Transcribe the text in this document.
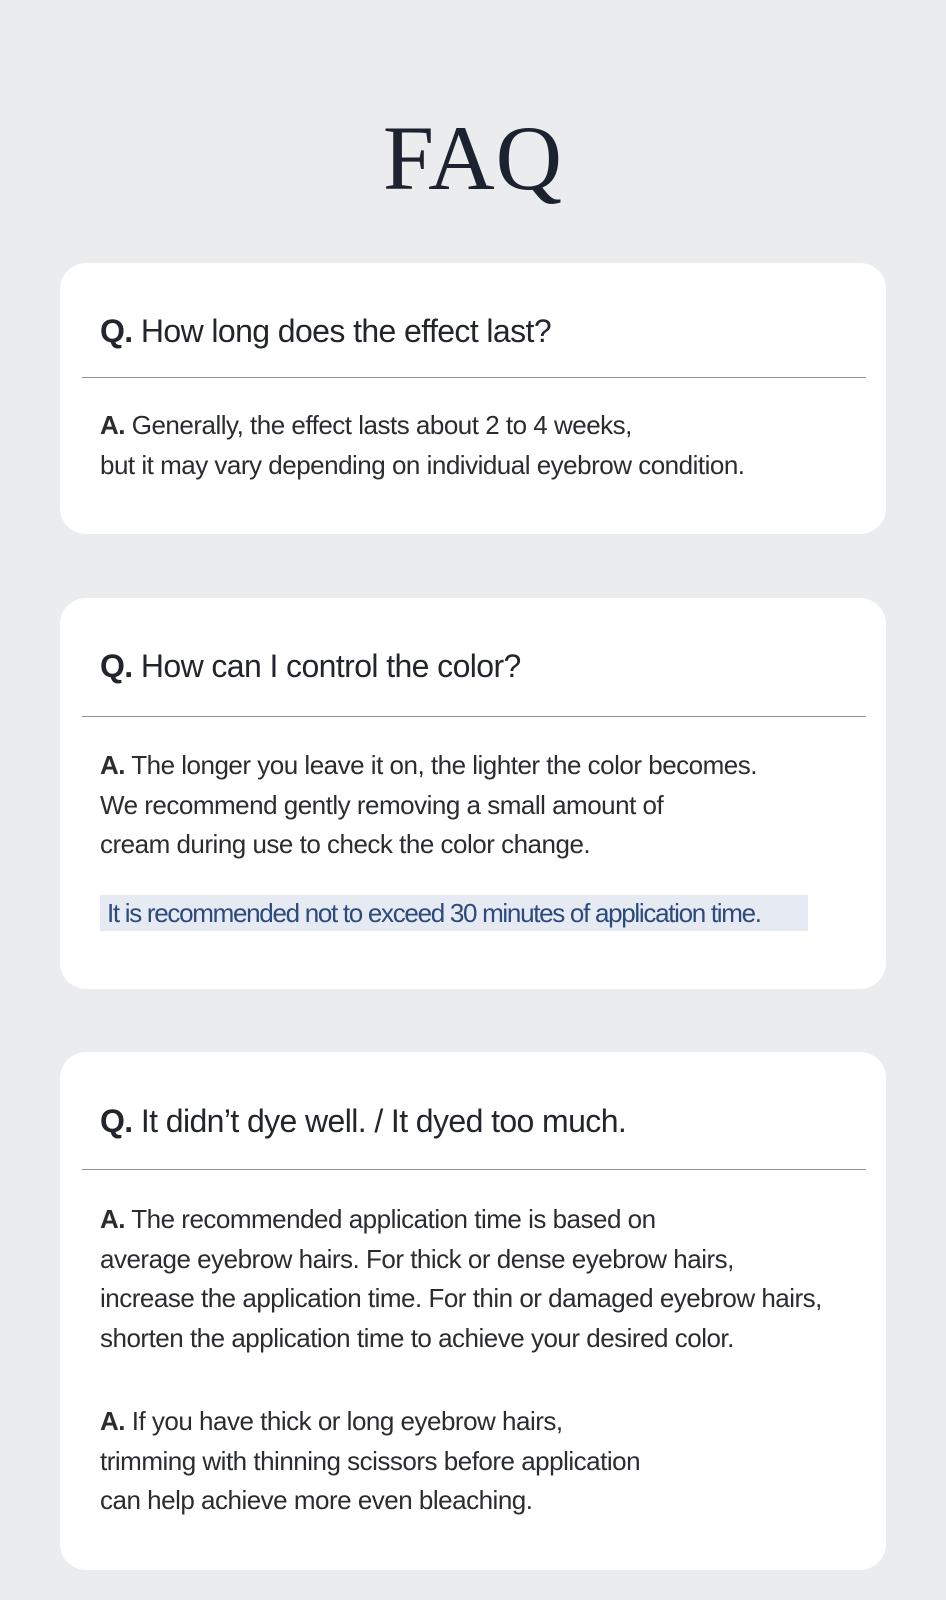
FAQ
Q. How long does the effect last?

A. Generally, the effect lasts about 2 to 4 weeks,
but it may vary depending on individual eyebrow condition.

Q. How can I control the color?

A. The longer you leave it on, the lighter the color becomes.
We recommend gently removing a small amount of
cream during use to check the color change.

It is recommended not to exceed 30 minutes of application time.
Q. It didn’t dye well. / It dyed too much.

A. The recommended application time is based on
average eyebrow hairs. For thick or dense eyebrow hairs,
increase the application time. For thin or damaged eyebrow hairs,
shorten the application time to achieve your desired color.

A. If you have thick or long eyebrow hairs,
trimming with thinning scissors before application
can help achieve more even bleaching.
